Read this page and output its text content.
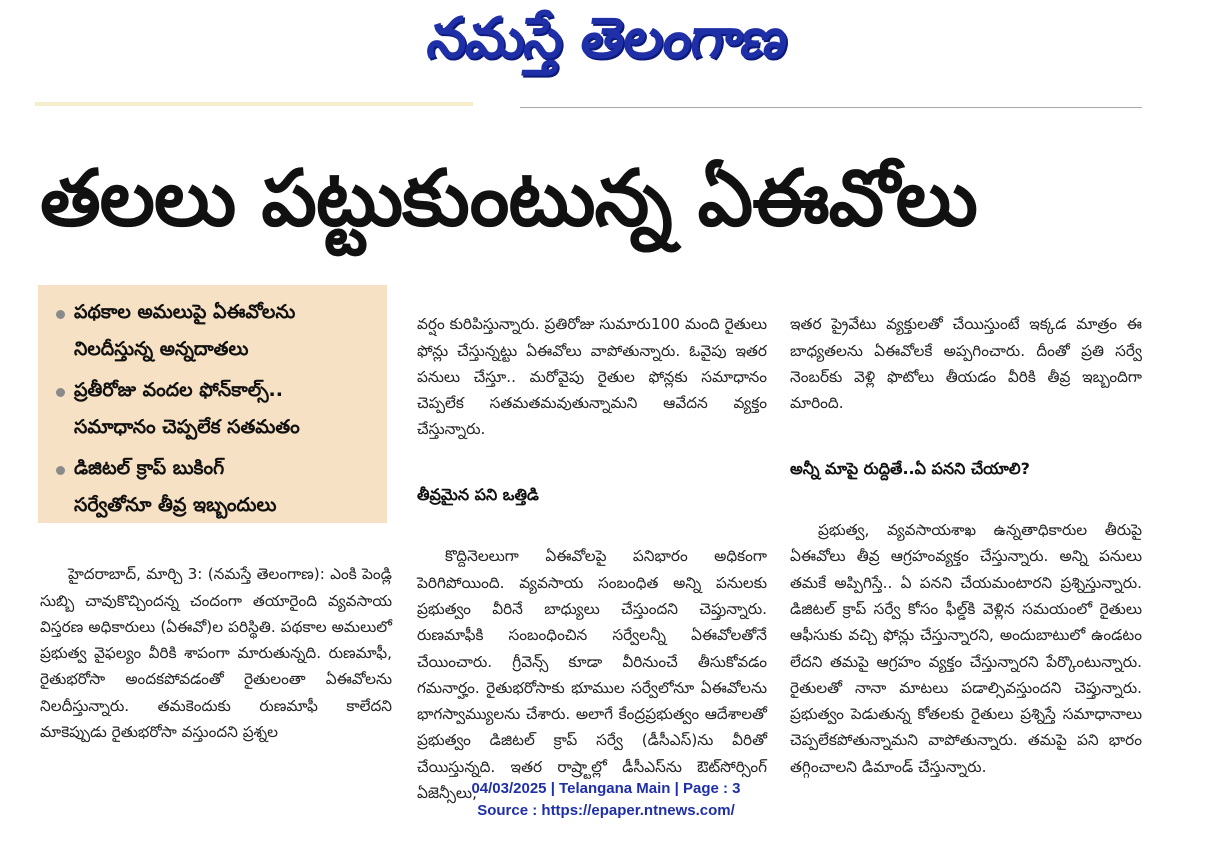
నమస్తే తెలంగాణ
తలలు పట్టుకుంటున్న ఏఈవోలు
పథకాల అమలుపై ఏఈవోలను
నిలదీస్తున్న అన్నదాతలు
ప్రతీరోజు వందల ఫోన్‌కాల్స్‌..
సమాధానం చెప్పలేక సతమతం
డిజిటల్‌ క్రాప్‌ బుకింగ్‌
సర్వేతోనూ తీవ్ర ఇబ్బందులు

హైదరాబాద్‌, మార్చి 3: (నమస్తే తెలంగాణ): ఎంకి పెండ్లి సుబ్బి చావుకొచ్చిందన్న చందంగా తయారైంది వ్యవసాయ విస్తరణ అధికారులు (ఏఈవో)ల పరిస్థితి. పథకాల అమలులో ప్రభుత్వ వైఫల్యం వీరికి శాపంగా మారుతున్నది. రుణమాఫీ, రైతుభరోసా అందకపోవడంతో రైతులంతా ఏఈవోలను నిలదీస్తున్నారు. తమకెందుకు రుణమాఫీ కాలేదని మాకెప్పుడు రైతుభరోసా వస్తుందని ప్రశ్నల

వర్షం కురిపిస్తున్నారు. ప్రతిరోజు సుమారు100 మంది రైతులు ఫోన్లు చేస్తున్నట్టు ఏఈవోలు వాపోతున్నారు. ఓవైపు ఇతర పనులు చేస్తూ.. మరోవైపు రైతుల ఫోన్లకు సమాధానం చెప్పలేక సతమతమవుతున్నామని ఆవేదన వ్యక్తం చేస్తున్నారు.

తీవ్రమైన పని ఒత్తిడి

కొద్దినెలలుగా ఏఈవోలపై పనిభారం అధికంగా పెరిగిపోయింది. వ్యవసాయ సంబంధిత అన్ని పనులకు ప్రభుత్వం వీరినే బాధ్యులు చేస్తుందని చెప్తున్నారు. రుణమాఫీకి సంబంధించిన సర్వేలన్నీ ఏఈవోలతోనే చేయించారు. గ్రీవెన్స్‌ కూడా వీరినుంచే తీసుకోవడం గమనార్హం. రైతుభరోసాకు భూముల సర్వేలోనూ ఏఈవోలను భాగస్వామ్యులను చేశారు. అలాగే కేంద్రప్రభుత్వం ఆదేశాలతో ప్రభుత్వం డిజిటల్‌ క్రాప్‌ సర్వే (డీసీఎస్‌)ను వీరితో చేయిస్తున్నది. ఇతర రాష్ర్టాల్లో డీసీఎస్‌ను ఔట్‌సోర్సింగ్‌ ఏజెన్సీలు,

ఇతర ప్రైవేటు వ్యక్తులతో చేయిస్తుంటే ఇక్కడ మాత్రం ఈ బాధ్యతలను ఏఈవోలకే అప్పగించారు. దీంతో ప్రతి సర్వే నెంబర్‌కు వెళ్లి ఫొటోలు తీయడం వీరికి తీవ్ర ఇబ్బందిగా మారింది.

అన్నీ మాపై రుద్దితే..ఏ పనని చేయాలి?

ప్రభుత్వ, వ్యవసాయశాఖ ఉన్నతాధికారుల తీరుపై ఏఈవోలు తీవ్ర ఆగ్రహంవ్యక్తం చేస్తున్నారు. అన్ని పనులు తమకే అప్పిగిస్తే.. ఏ పనని చేయమంటారని ప్రశ్నిస్తున్నారు. డిజిటల్‌ క్రాప్‌ సర్వే కోసం ఫీల్డ్‌కి వెళ్లిన సమయంలో రైతులు ఆఫీసుకు వచ్చి ఫోన్లు చేస్తున్నారని, అందుబాటులో ఉండటం లేదని తమపై ఆగ్రహం వ్యక్తం చేస్తున్నారని పేర్కొంటున్నారు. రైతులతో నానా మాటలు పడాల్సివస్తుందని చెప్తున్నారు. ప్రభుత్వం పెడుతున్న కోతలకు రైతులు ప్రశ్నిస్తే సమాధానాలు చెప్పలేకపోతున్నామని వాపోతున్నారు. తమపై పని భారం తగ్గించాలని డిమాండ్‌ చేస్తున్నారు.

04/03/2025 | Telangana Main | Page : 3
Source : https://epaper.ntnews.com/
